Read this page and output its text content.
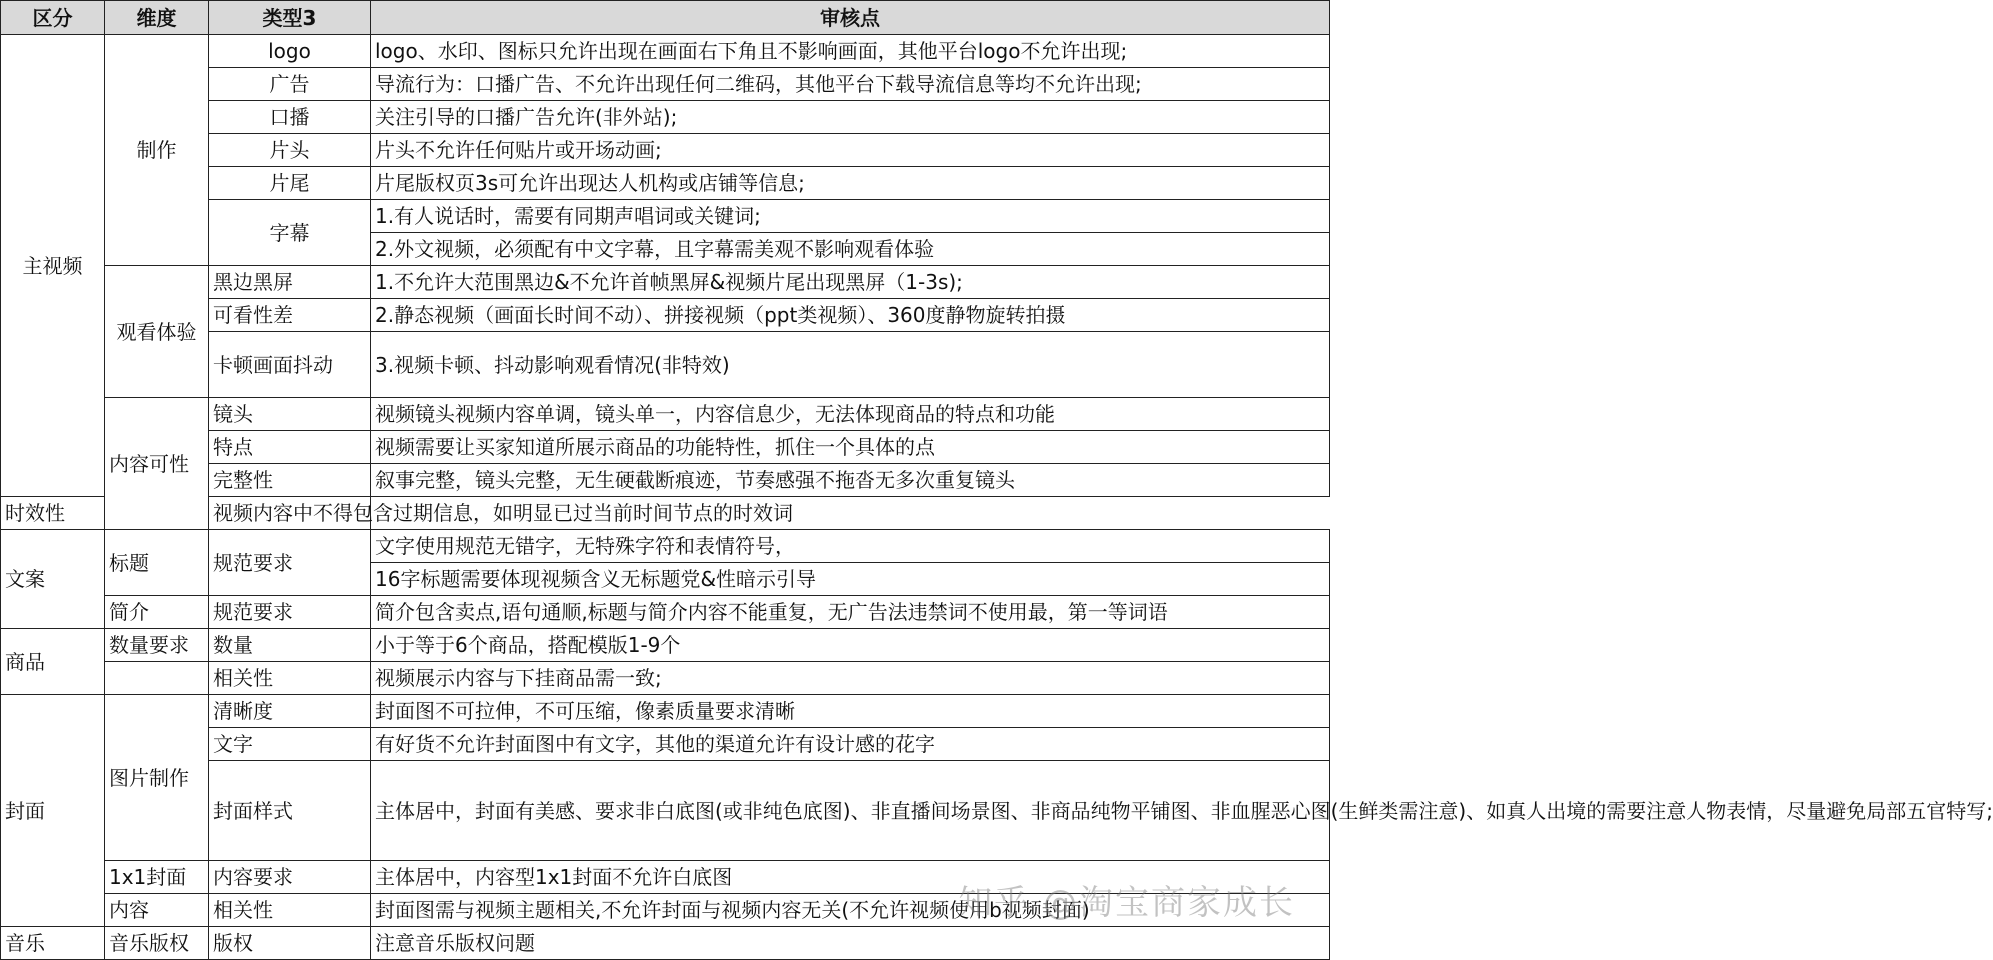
区分	维度	类型3	审核点
主视频	制作	logo	logo、水印、图标只允许出现在画面右下角且不影响画面，其他平台logo不允许出现;
		广告	导流行为：口播广告、不允许出现任何二维码，其他平台下载导流信息等均不允许出现;
		口播	关注引导的口播广告允许(非外站);
		片头	片头不允许任何贴片或开场动画;
		片尾	片尾版权页3s可允许出现达人机构或店铺等信息;
		字幕	1.有人说话时，需要有同期声唱词或关键词;
			2.外文视频，必须配有中文字幕，且字幕需美观不影响观看体验
	观看体验	黑边黑屏	1.不允许大范围黑边&不允许首帧黑屏&视频片尾出现黑屏（1-3s);
		可看性差	2.静态视频（画面长时间不动）、拼接视频（ppt类视频）、360度静物旋转拍摄
		卡顿画面抖动	3.视频卡顿、抖动影响观看情况(非特效)
	内容可性	镜头	视频镜头视频内容单调，镜头单一，内容信息少，无法体现商品的特点和功能
		特点	视频需要让买家知道所展示商品的功能特性，抓住一个具体的点
		完整性	叙事完整，镜头完整，无生硬截断痕迹，节奏感强不拖沓无多次重复镜头
时效性		视频内容中不得包含过期信息，如明显已过当前时间节点的时效词	
文案	标题	规范要求	文字使用规范无错字，无特殊字符和表情符号，
			16字标题需要体现视频含义无标题党&性暗示引导
	简介	规范要求	简介包含卖点,语句通顺,标题与简介内容不能重复，无广告法违禁词不使用最，第一等词语
商品	数量要求	数量	小于等于6个商品，搭配模版1-9个
		相关性	视频展示内容与下挂商品需一致;
封面	图片制作	清晰度	封面图不可拉伸，不可压缩，像素质量要求清晰
		文字	有好货不允许封面图中有文字，其他的渠道允许有设计感的花字
		封面样式	主体居中，封面有美感、要求非白底图(或非纯色底图)、非直播间场景图、非商品纯物平铺图、非血腥恶心图(生鲜类需注意)、如真人出境的需要注意人物表情，尽量避免局部五官特写;
	1x1封面	内容要求	主体居中，内容型1x1封面不允许白底图
	内容	相关性	封面图需与视频主题相关,不允许封面与视频内容无关(不允许视频使用b视频封面)
音乐	音乐版权	版权	注意音乐版权问题
知乎 @淘宝商家成长
